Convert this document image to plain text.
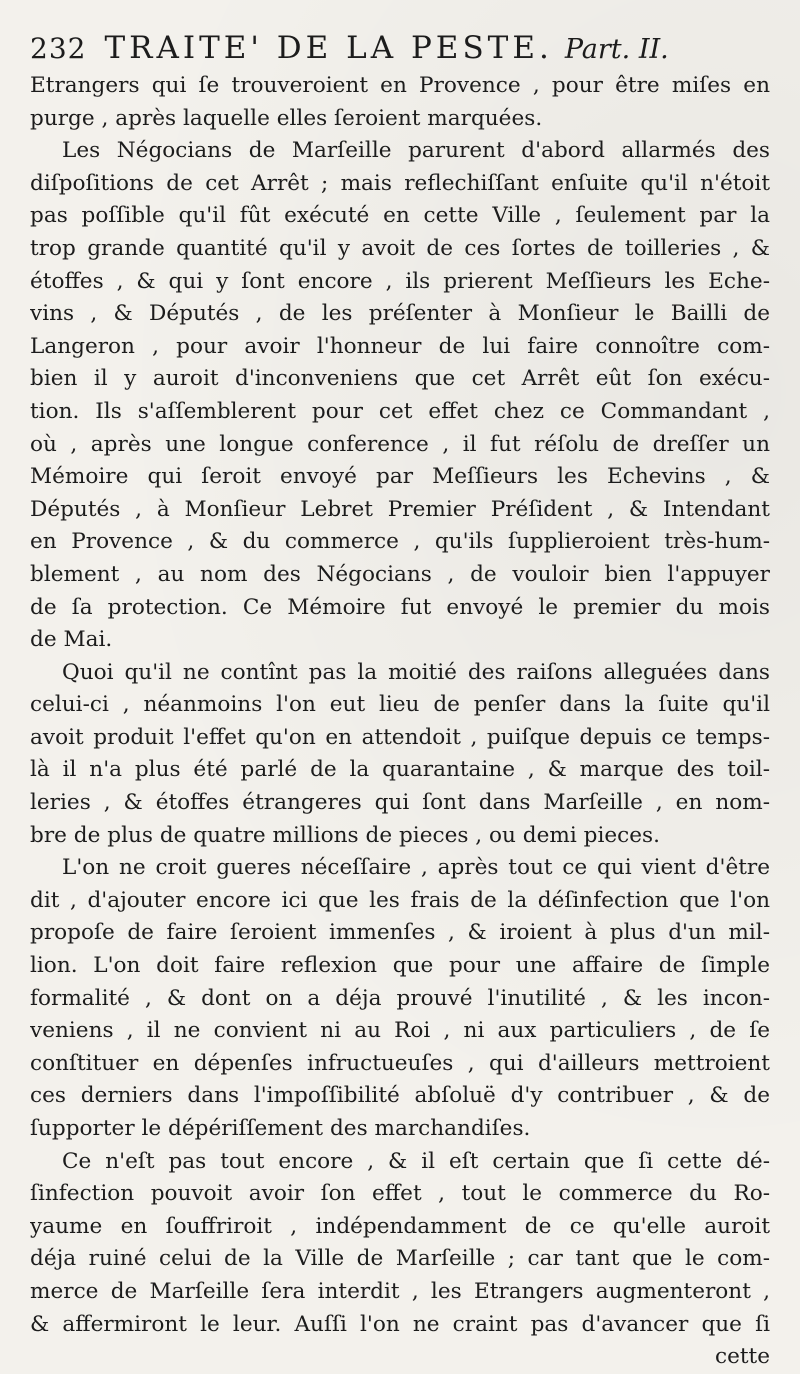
232 TRAITE' DE LA PESTE. Part. II.
Etrangers qui ſe trouveroient en Provence , pour être miſes en
purge , après laquelle elles ſeroient marquées.
Les Négocians de Marſeille parurent d'abord allarmés des
diſpoſitions de cet Arrêt ; mais reflechiſſant enſuite qu'il n'étoit
pas poſſible qu'il fût exécuté en cette Ville , ſeulement par la
trop grande quantité qu'il y avoit de ces ſortes de toilleries , &
étoffes , & qui y ſont encore , ils prierent Meſſieurs les Eche-
vins , & Députés , de les préſenter à Monſieur le Bailli de
Langeron , pour avoir l'honneur de lui faire connoître com-
bien il y auroit d'inconveniens que cet Arrêt eût ſon exécu-
tion. Ils s'aſſemblerent pour cet effet chez ce Commandant ,
où , après une longue conference , il fut réſolu de dreſſer un
Mémoire qui ſeroit envoyé par Meſſieurs les Echevins , &
Députés , à Monſieur Lebret Premier Préſident , & Intendant
en Provence , & du commerce , qu'ils ſupplieroient très-hum-
blement , au nom des Négocians , de vouloir bien l'appuyer
de ſa protection. Ce Mémoire fut envoyé le premier du mois
de Mai.
Quoi qu'il ne contînt pas la moitié des raiſons alleguées dans
celui-ci , néanmoins l'on eut lieu de penſer dans la ſuite qu'il
avoit produit l'effet qu'on en attendoit , puiſque depuis ce temps-
là il n'a plus été parlé de la quarantaine , & marque des toil-
leries , & étoffes étrangeres qui ſont dans Marſeille , en nom-
bre de plus de quatre millions de pieces , ou demi pieces.
L'on ne croit gueres néceſſaire , après tout ce qui vient d'être
dit , d'ajouter encore ici que les frais de la déſinfection que l'on
propoſe de faire ſeroient immenſes , & iroient à plus d'un mil-
lion. L'on doit faire reflexion que pour une affaire de ſimple
formalité , & dont on a déja prouvé l'inutilité , & les incon-
veniens , il ne convient ni au Roi , ni aux particuliers , de ſe
conſtituer en dépenſes infructueuſes , qui d'ailleurs mettroient
ces derniers dans l'impoſſibilité abſoluë d'y contribuer , & de
ſupporter le dépériſſement des marchandiſes.
Ce n'eſt pas tout encore , & il eſt certain que ſi cette dé-
ſinfection pouvoit avoir ſon effet , tout le commerce du Ro-
yaume en ſouffriroit , indépendamment de ce qu'elle auroit
déja ruiné celui de la Ville de Marſeille ; car tant que le com-
merce de Marſeille ſera interdit , les Etrangers augmenteront ,
& affermiront le leur. Auſſi l'on ne craint pas d'avancer que ſi
cette
